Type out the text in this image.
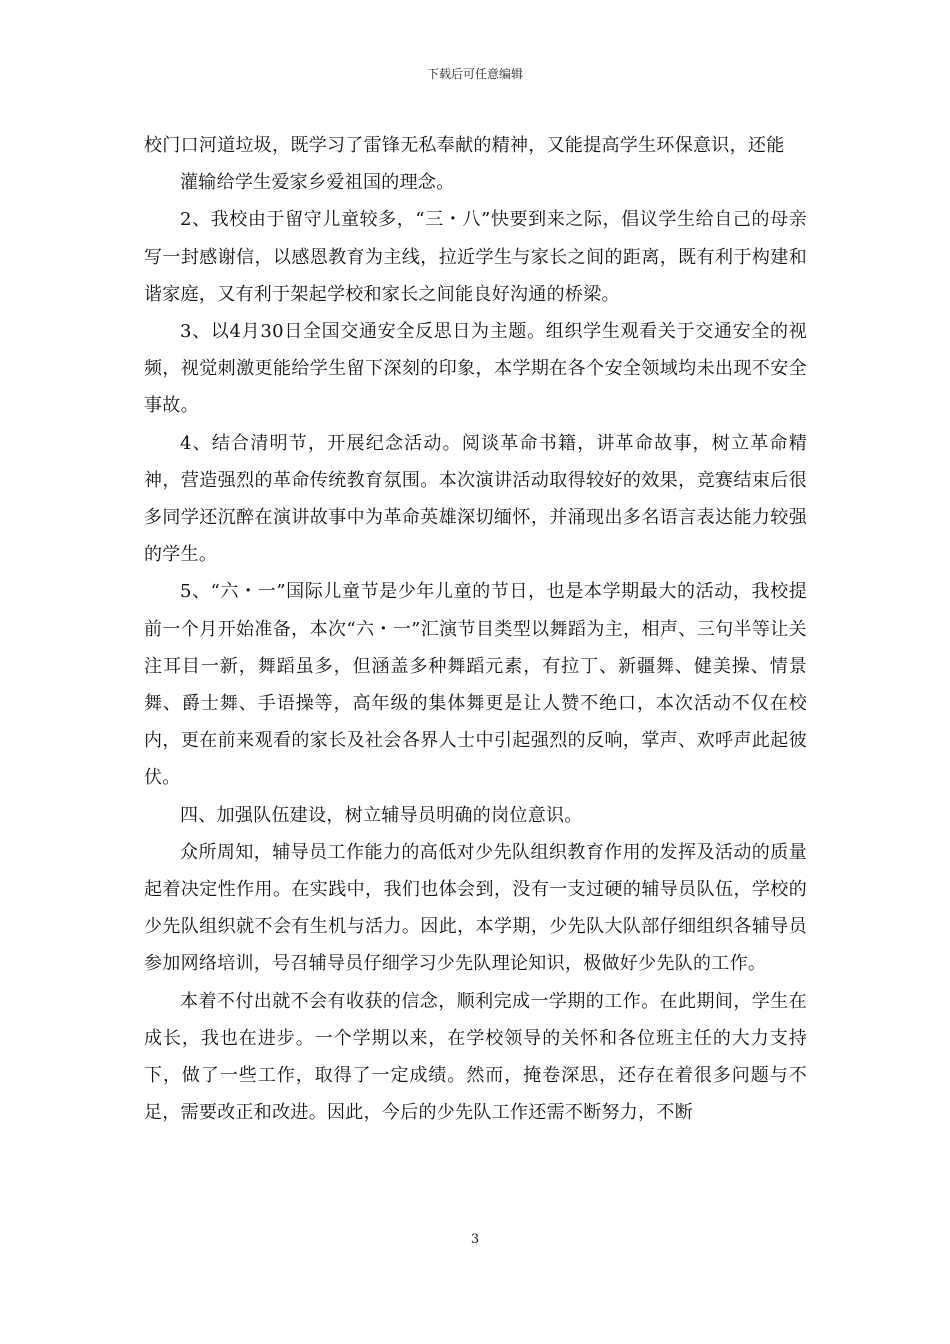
下载后可任意编辑

校门口河道垃圾，既学习了雷锋无私奉献的精神，又能提高学生环保意识，还能

灌输给学生爱家乡爱祖国的理念。

2、我校由于留守儿童较多，“三・八”快要到来之际，倡议学生给自己的母亲写一封感谢信，以感恩教育为主线，拉近学生与家长之间的距离，既有利于构建和谐家庭，又有利于架起学校和家长之间能良好沟通的桥梁。

3、以4月30日全国交通安全反思日为主题。组织学生观看关于交通安全的视频，视觉刺激更能给学生留下深刻的印象，本学期在各个安全领域均未出现不安全事故。

4、结合清明节，开展纪念活动。阅谈革命书籍，讲革命故事，树立革命精神，营造强烈的革命传统教育氛围。本次演讲活动取得较好的效果，竞赛结束后很多同学还沉醉在演讲故事中为革命英雄深切缅怀，并涌现出多名语言表达能力较强的学生。

5、“六・一”国际儿童节是少年儿童的节日，也是本学期最大的活动，我校提前一个月开始准备，本次“六・一”汇演节目类型以舞蹈为主，相声、三句半等让关注耳目一新，舞蹈虽多，但涵盖多种舞蹈元素，有拉丁、新疆舞、健美操、情景舞、爵士舞、手语操等，高年级的集体舞更是让人赞不绝口，本次活动不仅在校内，更在前来观看的家长及社会各界人士中引起强烈的反响，掌声、欢呼声此起彼伏。

四、加强队伍建设，树立辅导员明确的岗位意识。

众所周知，辅导员工作能力的高低对少先队组织教育作用的发挥及活动的质量起着决定性作用。在实践中，我们也体会到，没有一支过硬的辅导员队伍，学校的少先队组织就不会有生机与活力。因此，本学期，少先队大队部仔细组织各辅导员参加网络培训，号召辅导员仔细学习少先队理论知识，极做好少先队的工作。

本着不付出就不会有收获的信念，顺利完成一学期的工作。在此期间，学生在成长，我也在进步。一个学期以来，在学校领导的关怀和各位班主任的大力支持下，做了一些工作，取得了一定成绩。然而，掩卷深思，还存在着很多问题与不足，需要改正和改进。因此，今后的少先队工作还需不断努力，不断

3
